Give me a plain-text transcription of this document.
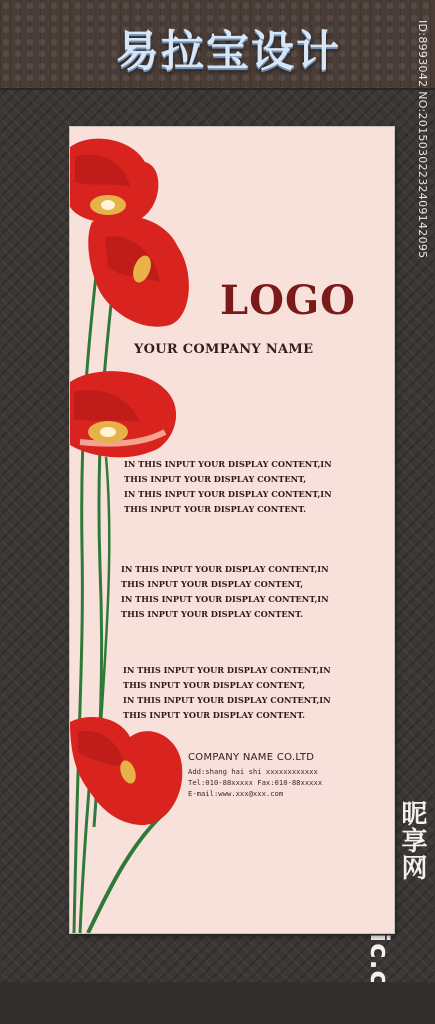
易拉宝设计	ID:8993042 NO:20150302232409142095
昵享网
LOGO
YOUR COMPANY NAME

IN THIS INPUT YOUR DISPLAY CONTENT,IN
THIS INPUT YOUR DISPLAY CONTENT,
IN THIS INPUT YOUR DISPLAY CONTENT,IN
THIS INPUT YOUR DISPLAY CONTENT.

IN THIS INPUT YOUR DISPLAY CONTENT,IN
THIS INPUT YOUR DISPLAY CONTENT,
IN THIS INPUT YOUR DISPLAY CONTENT,IN
THIS INPUT YOUR DISPLAY CONTENT.

IN THIS INPUT YOUR DISPLAY CONTENT,IN
THIS INPUT YOUR DISPLAY CONTENT,
IN THIS INPUT YOUR DISPLAY CONTENT,IN
THIS INPUT YOUR DISPLAY CONTENT.

COMPANY NAME CO.LTD
Add:shang hai shi xxxxxxxxxxxx
Tel:010-88xxxxx Fax:010-88xxxxx
E-mail:www.xxx@xxx.com
